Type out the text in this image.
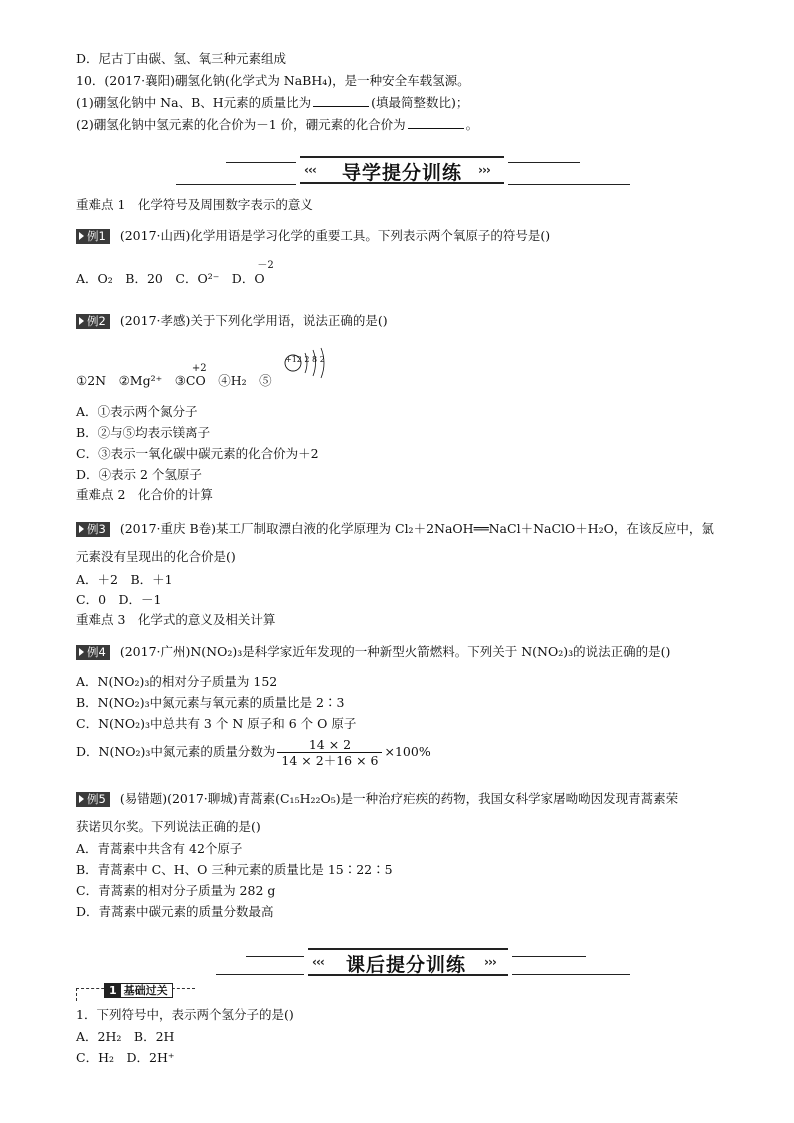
D．尼古丁由碳、氢、氧三种元素组成
10．(2017·襄阳)硼氢化钠(化学式为 NaBH₄)，是一种安全车载氢源。
(1)硼氢化钠中 Na、B、H元素的质量比为	(填最简整数比)；
(2)硼氢化钠中氢元素的化合价为－1 价，硼元素的化合价为	。
‹‹‹ 导学提分训练 ›››
重难点 1　化学符号及周围数字表示的意义
例1 (2017·山西)化学用语是学习化学的重要工具。下列表示两个氧原子的符号是()
A．O₂　B．20　C．O²⁻　D．
－2
O
例2 (2017·孝感)关于下列化学用语，说法正确的是()
①2N　②Mg²⁺　③
+2
CO　④H₂　⑤
+12 2 8 2
A．①表示两个氮分子
B．②与⑤均表示镁离子
C．③表示一氧化碳中碳元素的化合价为＋2
D．④表示 2 个氢原子
重难点 2　化合价的计算
例3 (2017·重庆 B卷)某工厂制取漂白液的化学原理为 Cl₂＋2NaOH══NaCl＋NaClO＋H₂O，在该反应中，氯
元素没有呈现出的化合价是()
A．＋2　B．＋1
C．0　D．－1
重难点 3　化学式的意义及相关计算
例4 (2017·广州)N(NO₂)₃是科学家近年发现的一种新型火箭燃料。下列关于 N(NO₂)₃的说法正确的是()
A．N(NO₂)₃的相对分子质量为 152
B．N(NO₂)₃中氮元素与氧元素的质量比是 2∶3
C．N(NO₂)₃中总共有 3 个 N 原子和 6 个 O 原子
D．N(NO₂)₃中氮元素的质量分数为 $\frac{14 \times 2}{14 \times 2+16 \times 6} \times 100\%$
例5 (易错题)(2017·聊城)青蒿素(C₁₅H₂₂O₅)是一种治疗疟疾的药物，我国女科学家屠呦呦因发现青蒿素荣
获诺贝尔奖。下列说法正确的是()
A．青蒿素中共含有 42个原子
B．青蒿素中 C、H、O 三种元素的质量比是 15∶22∶5
C．青蒿素的相对分子质量为 282 g
D．青蒿素中碳元素的质量分数最高
‹‹‹ 课后提分训练 ›››
1 基础过关
1．下列符号中，表示两个氢分子的是()
A．2H₂　B．2H
C．H₂　D．2H⁺
